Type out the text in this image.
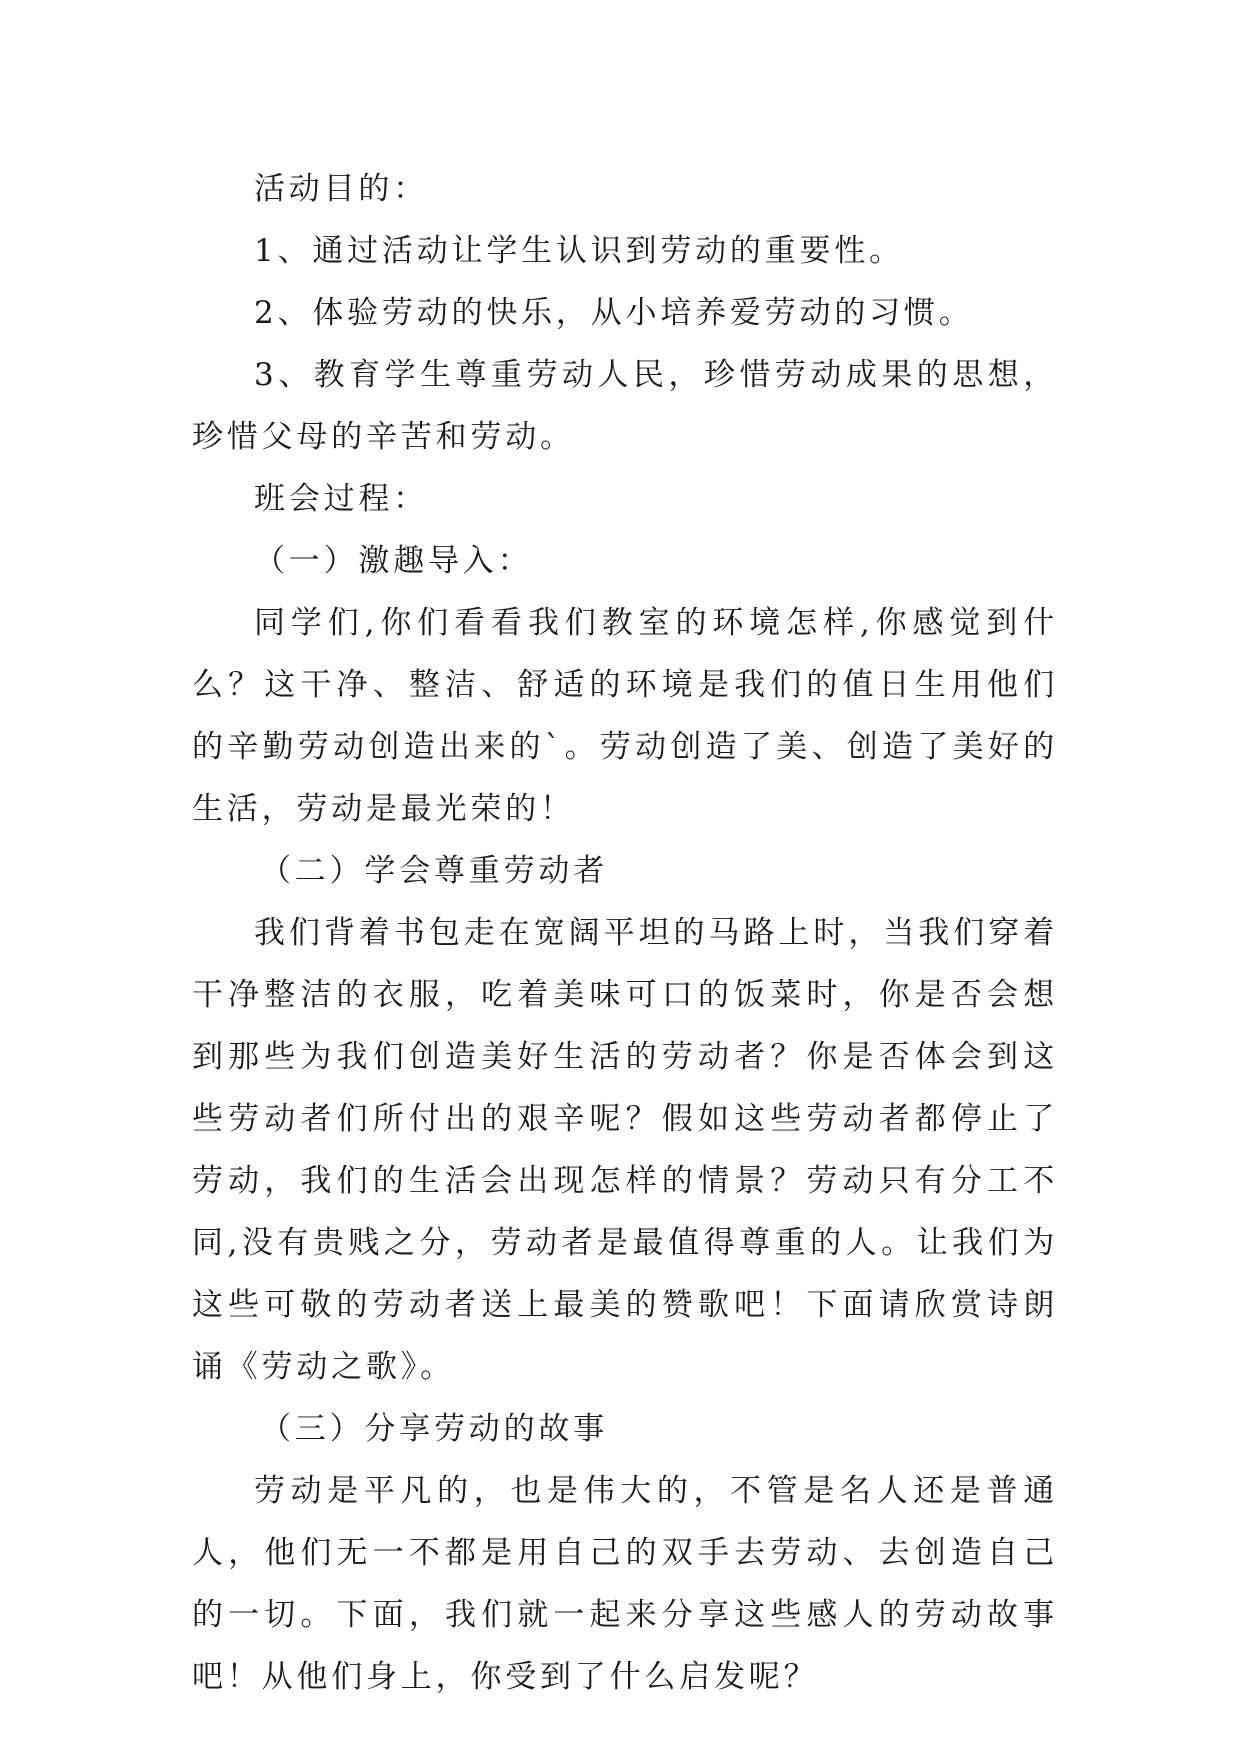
活动目的：

1、通过活动让学生认识到劳动的重要性。

2、体验劳动的快乐，从小培养爱劳动的习惯。

3、教育学生尊重劳动人民，珍惜劳动成果的思想，珍惜父母的辛苦和劳动。

班会过程：

（一）激趣导入：

同学们,你们看看我们教室的环境怎样,你感觉到什么？这干净、整洁、舒适的环境是我们的值日生用他们的辛勤劳动创造出来的`。劳动创造了美、创造了美好的生活，劳动是最光荣的！

（二）学会尊重劳动者

我们背着书包走在宽阔平坦的马路上时，当我们穿着干净整洁的衣服，吃着美味可口的饭菜时，你是否会想到那些为我们创造美好生活的劳动者？你是否体会到这些劳动者们所付出的艰辛呢？假如这些劳动者都停止了劳动，我们的生活会出现怎样的情景？劳动只有分工不同,没有贵贱之分，劳动者是最值得尊重的人。让我们为这些可敬的劳动者送上最美的赞歌吧！下面请欣赏诗朗诵《劳动之歌》。

（三）分享劳动的故事

劳动是平凡的，也是伟大的，不管是名人还是普通人，他们无一不都是用自己的双手去劳动、去创造自己的一切。下面，我们就一起来分享这些感人的劳动故事吧！从他们身上，你受到了什么启发呢？
